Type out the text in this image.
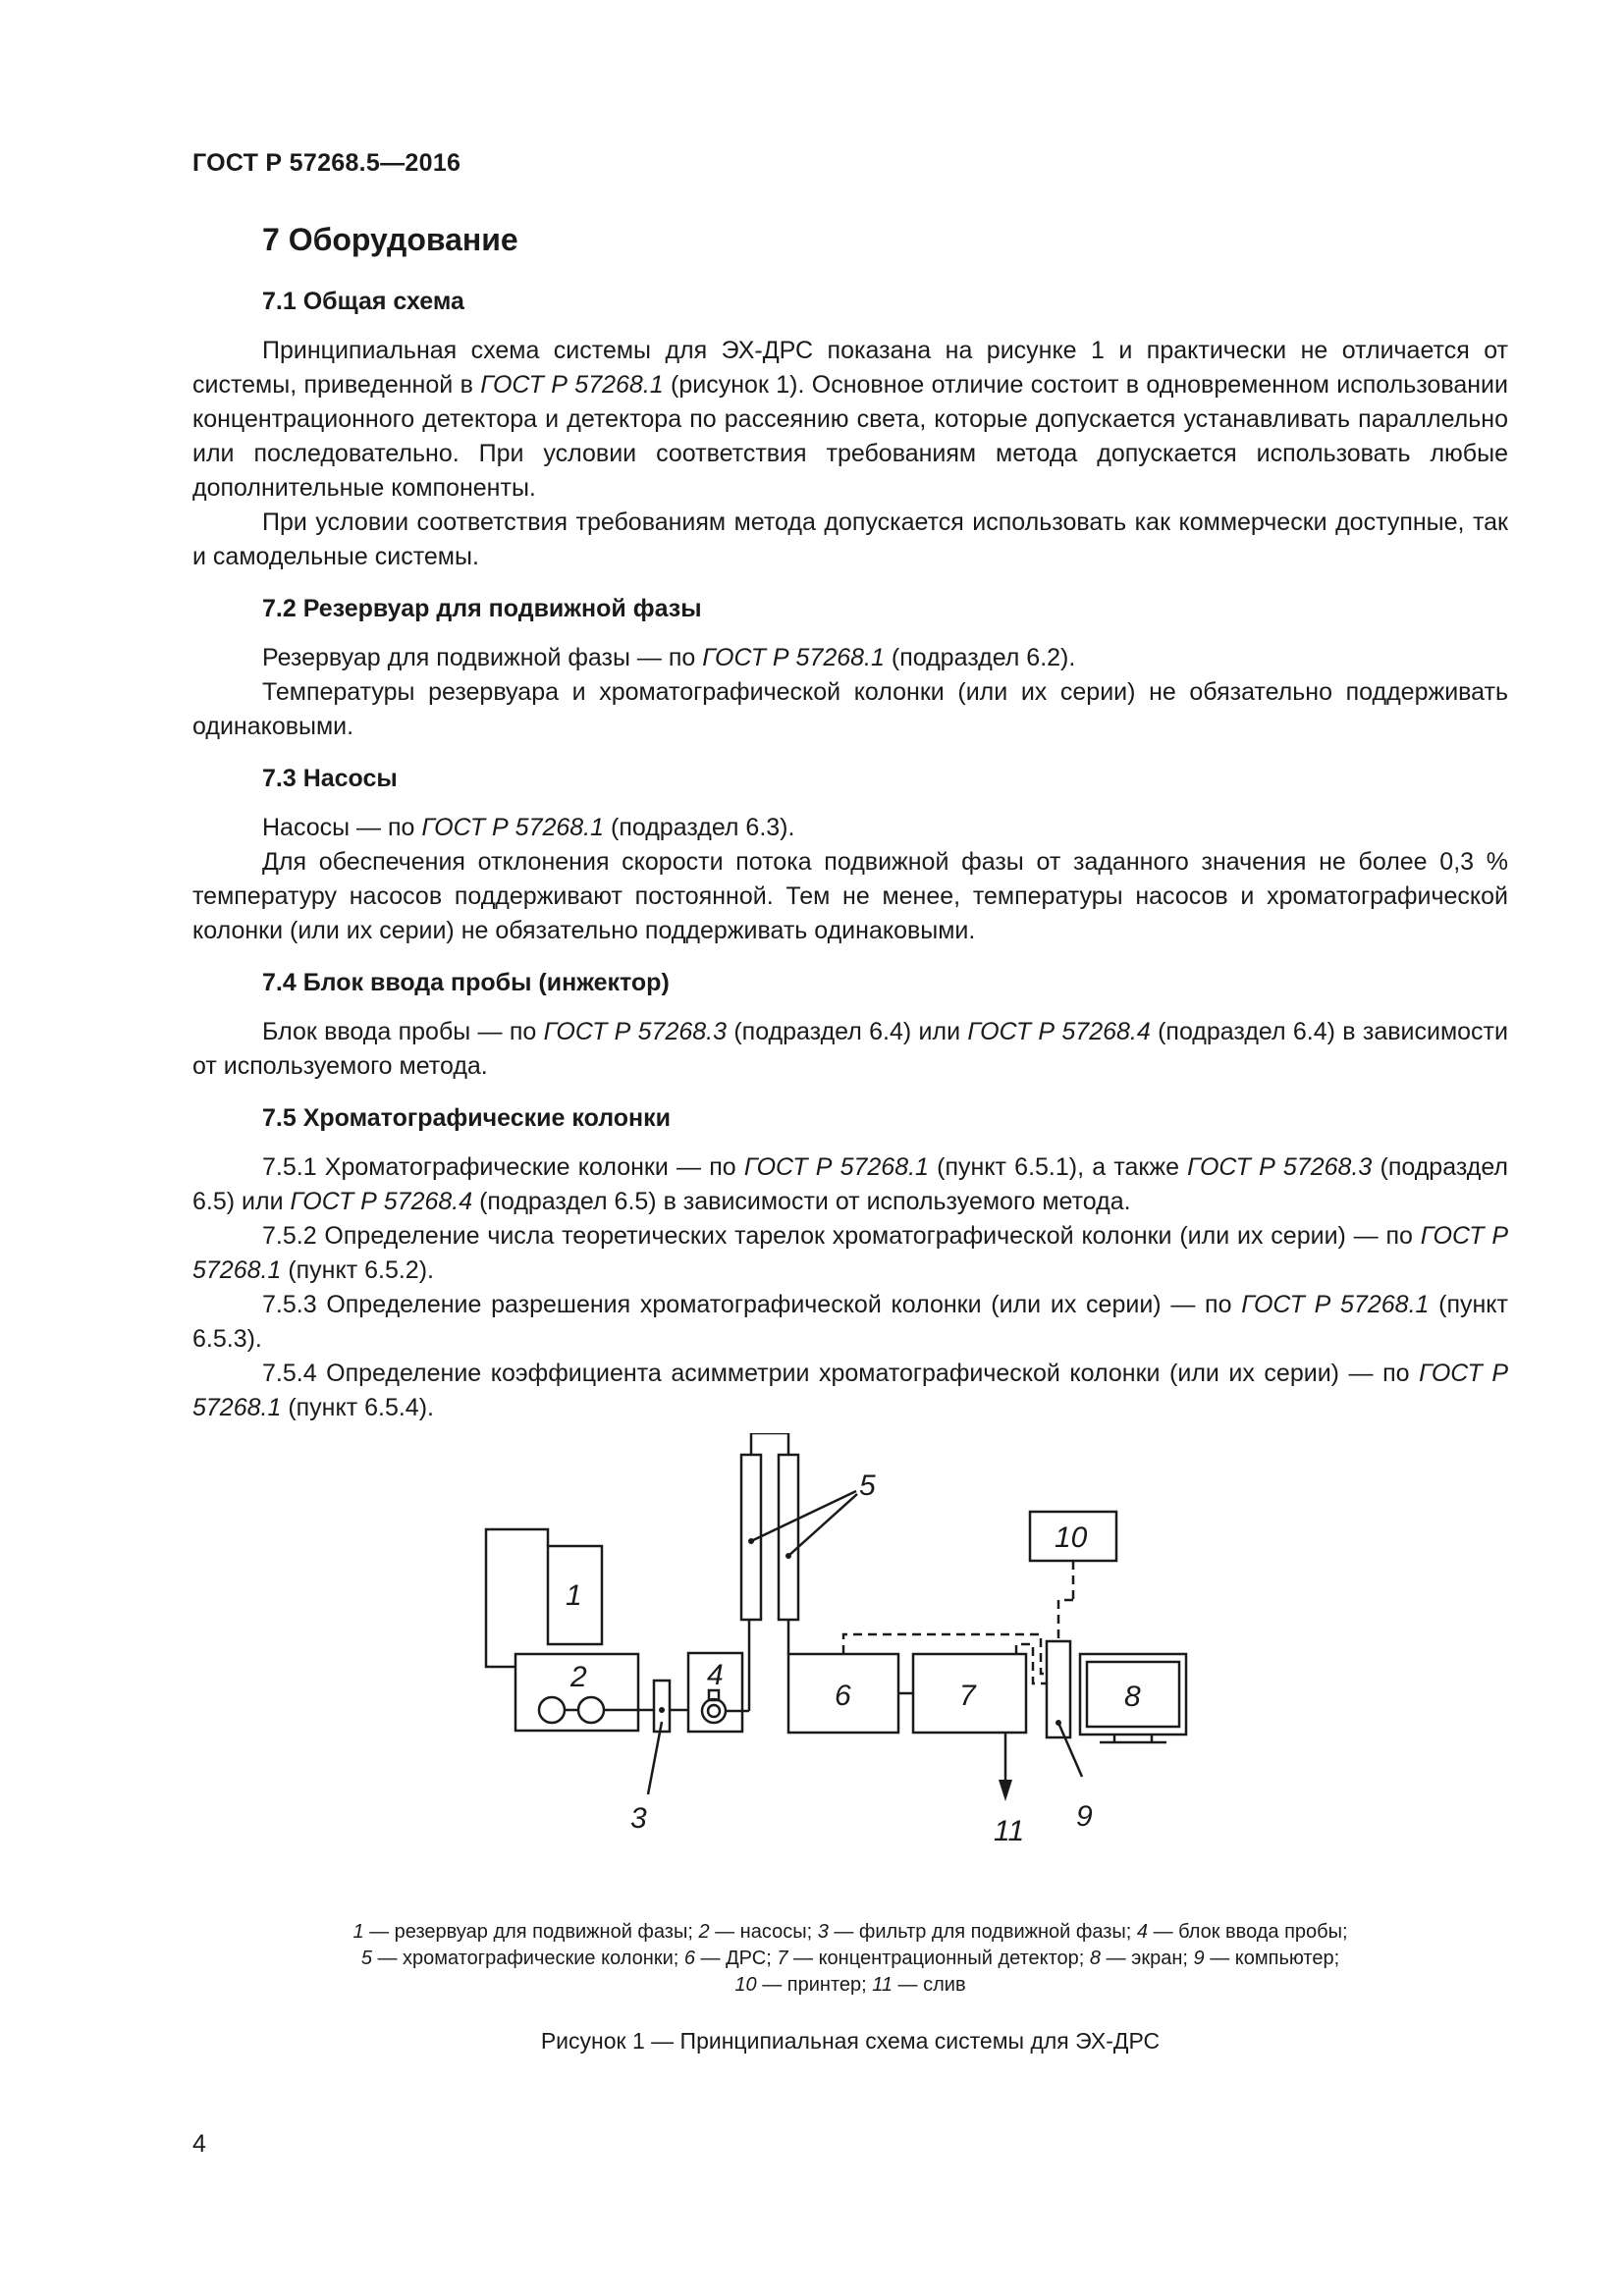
ГОСТ Р 57268.5—2016
7 Оборудование
7.1 Общая схема

Принципиальная схема системы для ЭХ-ДРС показана на рисунке 1 и практически не отличается от системы, приведенной в ГОСТ Р 57268.1 (рисунок 1). Основное отличие состоит в одновременном использовании концентрационного детектора и детектора по рассеянию света, которые допускается устанавливать параллельно или последовательно. При условии соответствия требованиям метода допускается использовать любые дополнительные компоненты.

При условии соответствия требованиям метода допускается использовать как коммерчески доступные, так и самодельные системы.

7.2 Резервуар для подвижной фазы

Резервуар для подвижной фазы — по ГОСТ Р 57268.1 (подраздел 6.2).

Температуры резервуара и хроматографической колонки (или их серии) не обязательно поддерживать одинаковыми.

7.3 Насосы

Насосы — по ГОСТ Р 57268.1 (подраздел 6.3).

Для обеспечения отклонения скорости потока подвижной фазы от заданного значения не более 0,3 % температуру насосов поддерживают постоянной. Тем не менее, температуры насосов и хроматографической колонки (или их серии) не обязательно поддерживать одинаковыми.

7.4 Блок ввода пробы (инжектор)

Блок ввода пробы — по ГОСТ Р 57268.3 (подраздел 6.4) или ГОСТ Р 57268.4 (подраздел 6.4) в зависимости от используемого метода.

7.5 Хроматографические колонки

7.5.1 Хроматографические колонки — по ГОСТ Р 57268.1 (пункт 6.5.1), а также ГОСТ Р 57268.3 (подраздел 6.5) или ГОСТ Р 57268.4 (подраздел 6.5) в зависимости от используемого метода.

7.5.2 Определение числа теоретических тарелок хроматографической колонки (или их серии) — по ГОСТ Р 57268.1 (пункт 6.5.2).

7.5.3 Определение разрешения хроматографической колонки (или их серии) — по ГОСТ Р 57268.1 (пункт 6.5.3).

7.5.4 Определение коэффициента асимметрии хроматографической колонки (или их серии) — по ГОСТ Р 57268.1 (пункт 6.5.4).

1
2
3
4
5
6	7	8
9
10
11
1 — резервуар для подвижной фазы; 2 — насосы; 3 — фильтр для подвижной фазы; 4 — блок ввода пробы;
5 — хроматографические колонки; 6 — ДРС; 7 — концентрационный детектор; 8 — экран; 9 — компьютер;
10 — принтер; 11 — слив
Рисунок 1 — Принципиальная схема системы для ЭХ-ДРС
4
